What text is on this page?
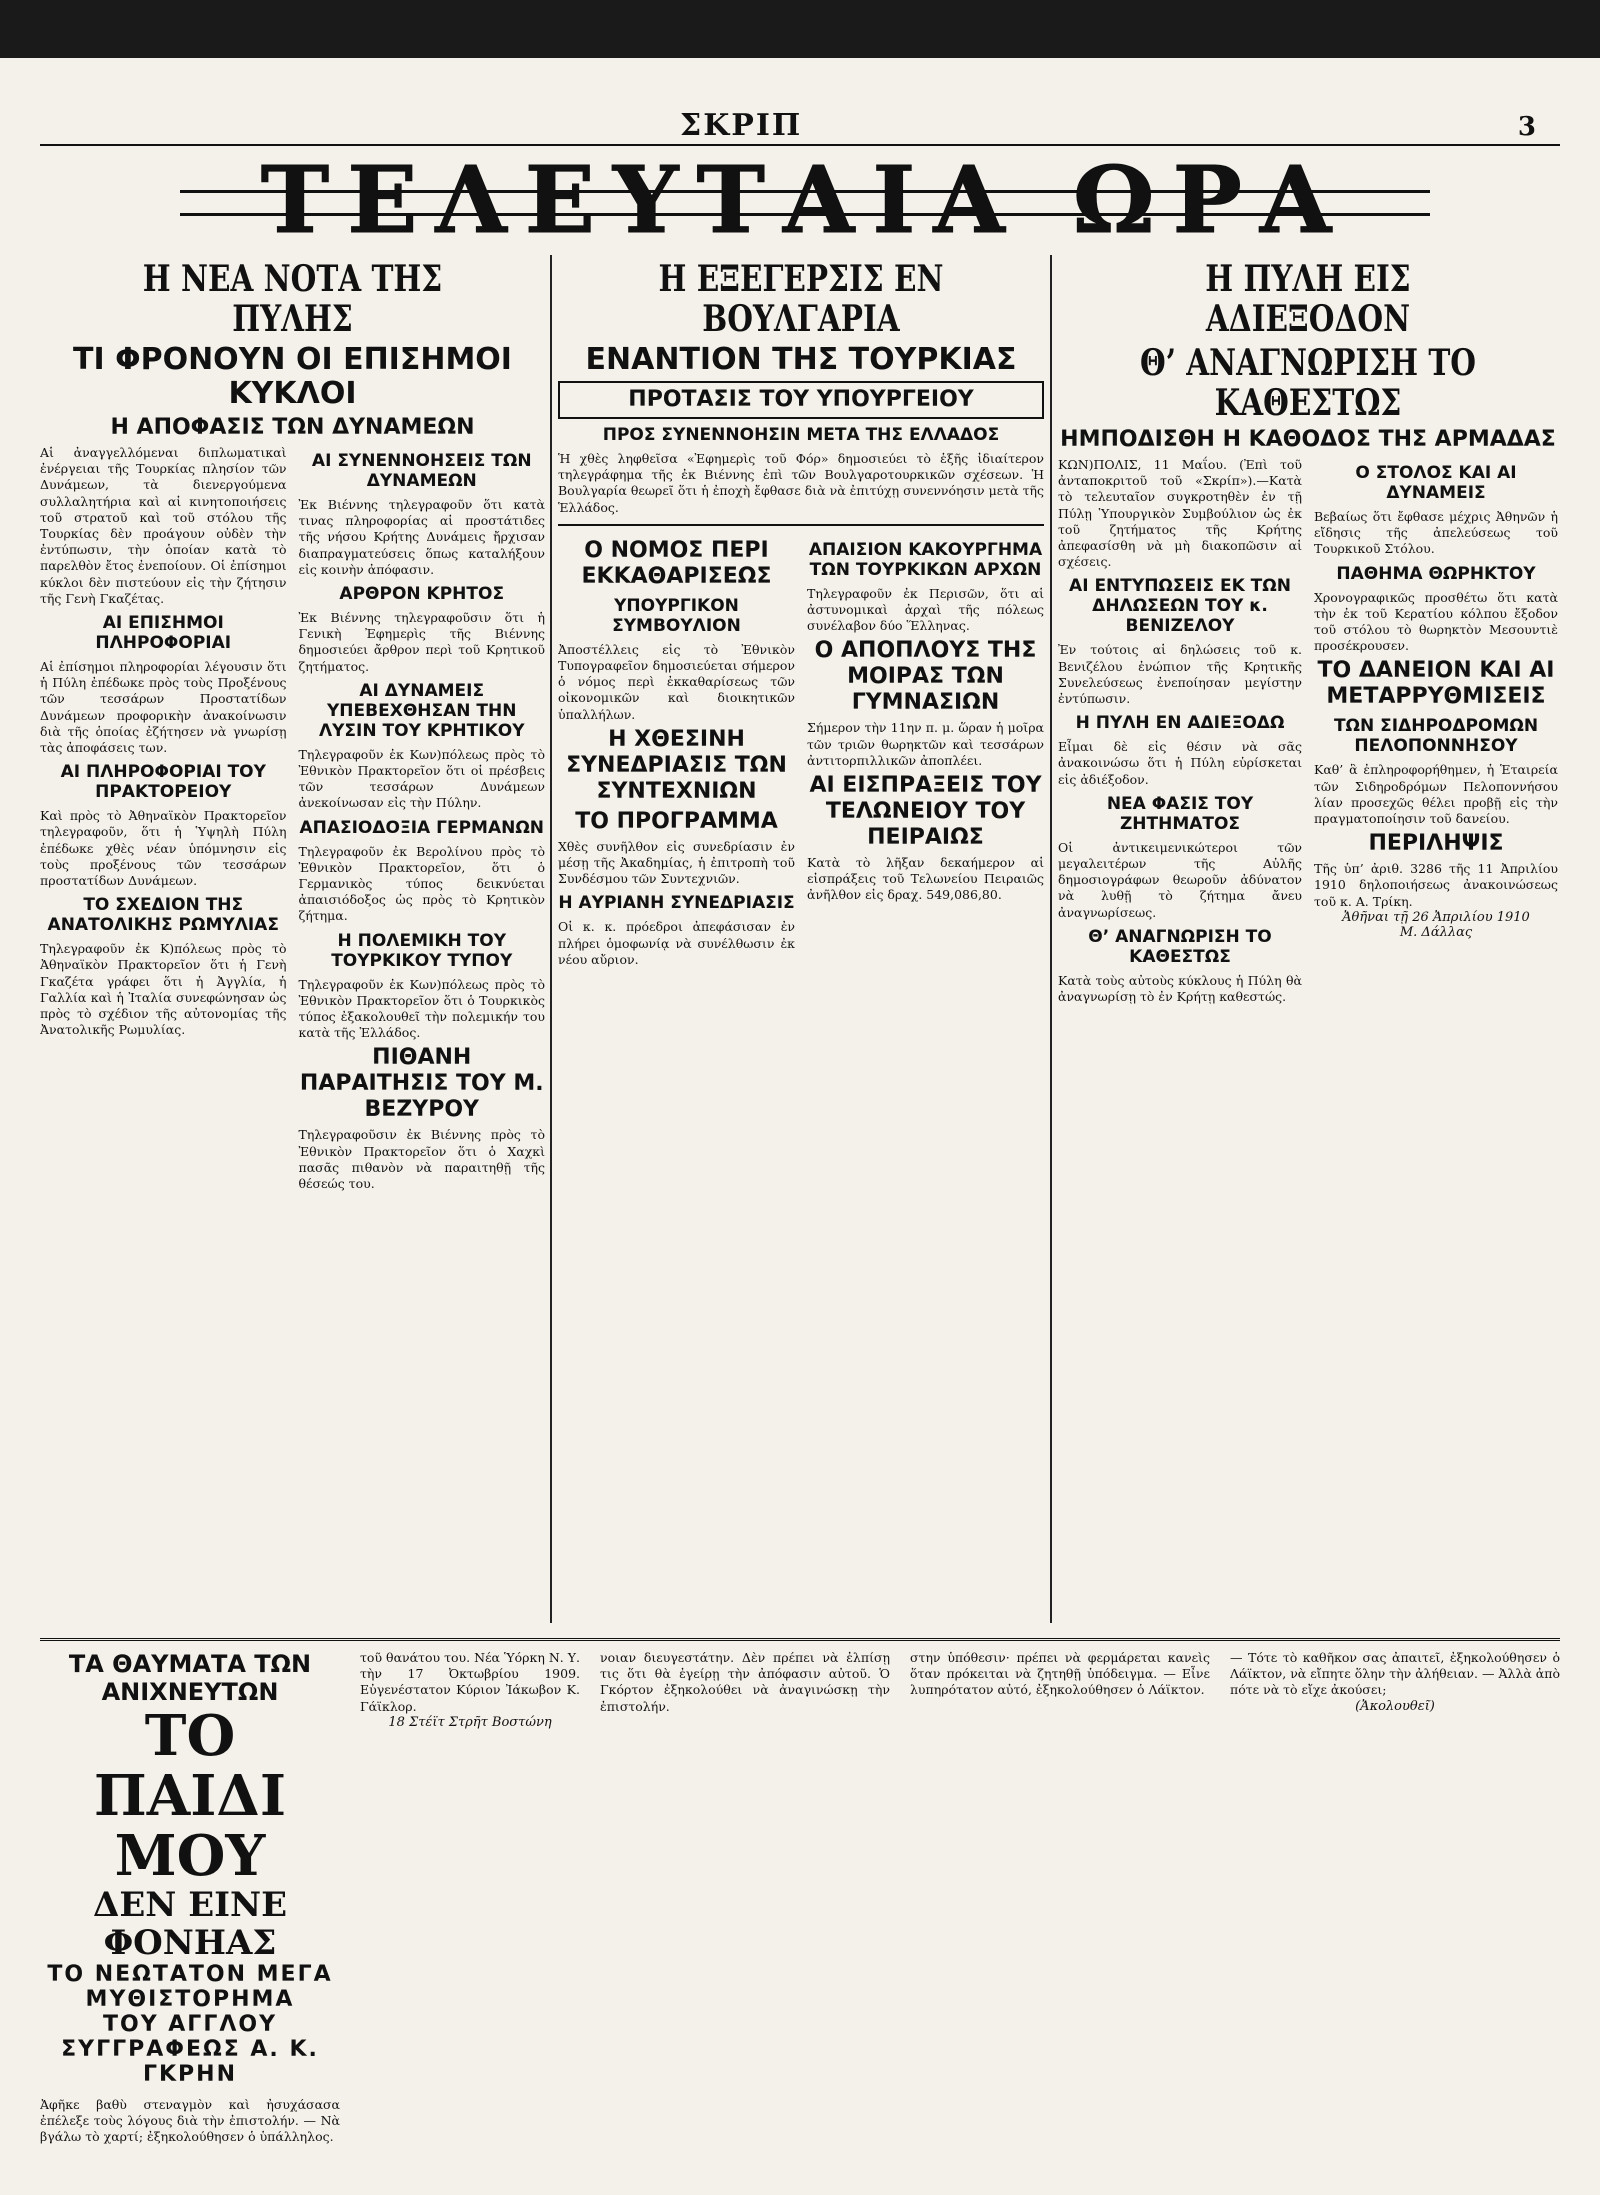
ΣΚΡΙΠ	3
ΤΕΛΕΥΤΑΙΑ ΩΡΑ
Η ΝΕΑ ΝΟΤΑ ΤΗΣ ΠΥΛΗΣ
ΤΙ ΦΡΟΝΟΥΝ ΟΙ ΕΠΙΣΗΜΟΙ ΚΥΚΛΟΙ
Η ΑΠΟΦΑΣΙΣ ΤΩΝ ΔΥΝΑΜΕΩΝ

Αἱ ἀναγγελλόμεναι διπλωματικαὶ ἐνέργειαι τῆς Τουρκίας πλησίον τῶν Δυνάμεων, τὰ διενεργούμενα συλλαλητήρια καὶ αἱ κινητοποιήσεις τοῦ στρατοῦ καὶ τοῦ στόλου τῆς Τουρκίας δὲν προάγουν οὐδὲν τὴν ἐντύπωσιν, τὴν ὁποίαν κατὰ τὸ παρελθὸν ἔτος ἐνεποίουν. Οἱ ἐπίσημοι κύκλοι δὲν πιστεύουν εἰς τὴν ζήτησιν τῆς Γενὴ Γκαζέτας.

ΑΙ ΕΠΙΣΗΜΟΙ ΠΛΗΡΟΦΟΡΙΑΙ

Αἱ ἐπίσημοι πληροφορίαι λέγουσιν ὅτι ἡ Πύλη ἐπέδωκε πρὸς τοὺς Προξένους τῶν τεσσάρων Προστατίδων Δυνάμεων προφορικὴν ἀνακοίνωσιν διὰ τῆς ὁποίας ἐζήτησεν νὰ γνωρίσῃ τὰς ἀποφάσεις των.

ΑΙ ΠΛΗΡΟΦΟΡΙΑΙ ΤΟΥ ΠΡΑΚΤΟΡΕΙΟΥ

Καὶ πρὸς τὸ Ἀθηναϊκὸν Πρακτορεῖον τηλεγραφοῦν, ὅτι ἡ Ὑψηλὴ Πύλη ἐπέδωκε χθὲς νέαν ὑπόμνησιν εἰς τοὺς προξένους τῶν τεσσάρων προστατίδων Δυνάμεων.

ΤΟ ΣΧΕΔΙΟΝ ΤΗΣ ΑΝΑΤΟΛΙΚΗΣ ΡΩΜΥΛΙΑΣ

Τηλεγραφοῦν ἐκ Κ)πόλεως πρὸς τὸ Ἀθηναϊκὸν Πρακτορεῖον ὅτι ἡ Γενὴ Γκαζέτα γράφει ὅτι ἡ Ἀγγλία, ἡ Γαλλία καὶ ἡ Ἰταλία συνεφώνησαν ὡς πρὸς τὸ σχέδιον τῆς αὐτονομίας τῆς Ἀνατολικῆς Ρωμυλίας.

ΑΙ ΣΥΝΕΝΝΟΗΣΕΙΣ ΤΩΝ ΔΥΝΑΜΕΩΝ

Ἐκ Βιέννης τηλεγραφοῦν ὅτι κατὰ τινας πληροφορίας αἱ προστάτιδες τῆς νήσου Κρήτης Δυνάμεις ἤρχισαν διαπραγματεύσεις ὅπως καταλήξουν εἰς κοινὴν ἀπόφασιν.

ΑΡΘΡΟΝ ΚΡΗΤΟΣ

Ἐκ Βιέννης τηλεγραφοῦσιν ὅτι ἡ Γενικὴ Ἐφημερὶς τῆς Βιέννης δημοσιεύει ἄρθρον περὶ τοῦ Κρητικοῦ ζητήματος.

ΑΙ ΔΥΝΑΜΕΙΣ ΥΠΕΒΕΧΘΗΣΑΝ ΤΗΝ ΛΥΣΙΝ ΤΟΥ ΚΡΗΤΙΚΟΥ

Τηλεγραφοῦν ἐκ Κων)πόλεως πρὸς τὸ Ἐθνικὸν Πρακτορεῖον ὅτι οἱ πρέσβεις τῶν τεσσάρων Δυνάμεων ἀνεκοίνωσαν εἰς τὴν Πύλην.

ΑΠΑΣΙΟΔΟΞΙΑ ΓΕΡΜΑΝΩΝ

Τηλεγραφοῦν ἐκ Βερολίνου πρὸς τὸ Ἐθνικὸν Πρακτορεῖον, ὅτι ὁ Γερμανικὸς τύπος δεικνύεται ἀπαισιόδοξος ὡς πρὸς τὸ Κρητικὸν ζήτημα.

Η ΠΟΛΕΜΙΚΗ ΤΟΥ ΤΟΥΡΚΙΚΟΥ ΤΥΠΟΥ

Τηλεγραφοῦν ἐκ Κων)πόλεως πρὸς τὸ Ἐθνικὸν Πρακτορεῖον ὅτι ὁ Τουρκικὸς τύπος ἐξακολουθεῖ τὴν πολεμικήν του κατὰ τῆς Ἑλλάδος.

ΠΙΘΑΝΗ ΠΑΡΑΙΤΗΣΙΣ ΤΟΥ Μ. ΒΕΖΥΡΟΥ

Τηλεγραφοῦσιν ἐκ Βιέννης πρὸς τὸ Ἐθνικὸν Πρακτορεῖον ὅτι ὁ Χαχκὶ πασᾶς πιθανὸν νὰ παραιτηθῇ τῆς θέσεώς του.

Η ΕΞΕΓΕΡΣΙΣ ΕΝ ΒΟΥΛΓΑΡΙΑ
ΕΝΑΝΤΙΟΝ ΤΗΣ ΤΟΥΡΚΙΑΣ
ΠΡΟΤΑΣΙΣ ΤΟΥ ΥΠΟΥΡΓΕΙΟΥ
ΠΡΟΣ ΣΥΝΕΝΝΟΗΣΙΝ ΜΕΤΑ ΤΗΣ ΕΛΛΑΔΟΣ

Ἡ χθὲς ληφθεῖσα «Ἐφημερὶς τοῦ Φόρ» δημοσιεύει τὸ ἑξῆς ἰδιαίτερον τηλεγράφημα τῆς ἐκ Βιέννης ἐπὶ τῶν Βουλγαροτουρκικῶν σχέσεων. Ἡ Βουλγαρία θεωρεῖ ὅτι ἡ ἐποχὴ ἔφθασε διὰ νὰ ἐπιτύχῃ συνεννόησιν μετὰ τῆς Ἑλλάδος.

Ο ΝΟΜΟΣ ΠΕΡΙ ΕΚΚΑΘΑΡΙΣΕΩΣ
ΥΠΟΥΡΓΙΚΟΝ ΣΥΜΒΟΥΛΙΟΝ

Ἀποστέλλεις εἰς τὸ Ἐθνικὸν Τυπογραφεῖον δημοσιεύεται σήμερον ὁ νόμος περὶ ἐκκαθαρίσεως τῶν οἰκονομικῶν καὶ διοικητικῶν ὑπαλλήλων.

Η ΧΘΕΣΙΝΗ ΣΥΝΕΔΡΙΑΣΙΣ ΤΩΝ ΣΥΝΤΕΧΝΙΩΝ
ΤΟ ΠΡΟΓΡΑΜΜΑ

Χθὲς συνῆλθον εἰς συνεδρίασιν ἐν μέσῃ τῆς Ἀκαδημίας, ἡ ἐπιτροπὴ τοῦ Συνδέσμου τῶν Συντεχνιῶν.

Η ΑΥΡΙΑΝΗ ΣΥΝΕΔΡΙΑΣΙΣ

Οἱ κ. κ. πρόεδροι ἀπεφάσισαν ἐν πλήρει ὁμοφωνίᾳ νὰ συνέλθωσιν ἐκ νέου αὔριον.

ΑΠΑΙΣΙΟΝ ΚΑΚΟΥΡΓΗΜΑ ΤΩΝ ΤΟΥΡΚΙΚΩΝ ΑΡΧΩΝ

Τηλεγραφοῦν ἐκ Περισῶν, ὅτι αἱ ἀστυνομικαὶ ἀρχαὶ τῆς πόλεως συνέλαβον δύο Ἕλληνας.

Ο ΑΠΟΠΛΟΥΣ ΤΗΣ ΜΟΙΡΑΣ ΤΩΝ ΓΥΜΝΑΣΙΩΝ

Σήμερον τὴν 11ην π. μ. ὥραν ἡ μοῖρα τῶν τριῶν θωρηκτῶν καὶ τεσσάρων ἀντιτορπιλλικῶν ἀποπλέει.

ΑΙ ΕΙΣΠΡΑΞΕΙΣ ΤΟΥ ΤΕΛΩΝΕΙΟΥ ΤΟΥ ΠΕΙΡΑΙΩΣ

Κατὰ τὸ λῆξαν δεκαήμερον αἱ εἰσπράξεις τοῦ Τελωνείου Πειραιῶς ἀνῆλθον εἰς δραχ. 549,086,80.

Η ΠΥΛΗ ΕΙΣ ΑΔΙΕΞΟΔΟΝ
Θ’ ΑΝΑΓΝΩΡΙΣΗ ΤΟ ΚΑΘΕΣΤΩΣ
ΗΜΠΟΔΙΣΘΗ Η ΚΑΘΟΔΟΣ ΤΗΣ ΑΡΜΑΔΑΣ

ΚΩΝ)ΠΟΛΙΣ, 11 Μαΐου. (Ἐπὶ τοῦ ἀνταποκριτοῦ τοῦ «Σκρίπ»).—Κατὰ τὸ τελευταῖον συγκροτηθὲν ἐν τῇ Πύλῃ Ὑπουργικὸν Συμβούλιον ὡς ἐκ τοῦ ζητήματος τῆς Κρήτης ἀπεφασίσθη νὰ μὴ διακοπῶσιν αἱ σχέσεις.

ΑΙ ΕΝΤΥΠΩΣΕΙΣ ΕΚ ΤΩΝ ΔΗΛΩΣΕΩΝ ΤΟΥ κ. ΒΕΝΙΖΕΛΟΥ

Ἐν τούτοις αἱ δηλώσεις τοῦ κ. Βενιζέλου ἐνώπιον τῆς Κρητικῆς Συνελεύσεως ἐνεποίησαν μεγίστην ἐντύπωσιν.

Η ΠΥΛΗ ΕΝ ΑΔΙΕΞΟΔΩ

Εἶμαι δὲ εἰς θέσιν νὰ σᾶς ἀνακοινώσω ὅτι ἡ Πύλη εὑρίσκεται εἰς ἀδιέξοδον.

ΝΕΑ ΦΑΣΙΣ ΤΟΥ ΖΗΤΗΜΑΤΟΣ

Οἱ ἀντικειμενικώτεροι τῶν μεγαλειτέρων τῆς Αὐλῆς δημοσιογράφων θεωροῦν ἀδύνατον νὰ λυθῇ τὸ ζήτημα ἄνευ ἀναγνωρίσεως.

Θ’ ΑΝΑΓΝΩΡΙΣΗ ΤΟ ΚΑΘΕΣΤΩΣ

Κατὰ τοὺς αὐτοὺς κύκλους ἡ Πύλη θὰ ἀναγνωρίσῃ τὸ ἐν Κρήτῃ καθεστώς.

Ο ΣΤΟΛΟΣ ΚΑΙ ΑΙ ΔΥΝΑΜΕΙΣ

Βεβαίως ὅτι ἔφθασε μέχρις Ἀθηνῶν ἡ εἴδησις τῆς ἀπελεύσεως τοῦ Τουρκικοῦ Στόλου.

ΠΑΘΗΜΑ ΘΩΡΗΚΤΟΥ

Χρονογραφικῶς προσθέτω ὅτι κατὰ τὴν ἐκ τοῦ Κερατίου κόλπου ἔξοδον τοῦ στόλου τὸ θωρηκτὸν Μεσουντιὲ προσέκρουσεν.

ΤΟ ΔΑΝΕΙΟΝ ΚΑΙ ΑΙ ΜΕΤΑΡΡΥΘΜΙΣΕΙΣ
ΤΩΝ ΣΙΔΗΡΟΔΡΟΜΩΝ ΠΕΛΟΠΟΝΝΗΣΟΥ

Καθ’ ἃ ἐπληροφορήθημεν, ἡ Ἑταιρεία τῶν Σιδηροδρόμων Πελοποννήσου λίαν προσεχῶς θέλει προβῇ εἰς τὴν πραγματοποίησιν τοῦ δανείου.

ΠΕΡΙΛΗΨΙΣ

Τῆς ὑπ’ ἀριθ. 3286 τῆς 11 Ἀπριλίου 1910 δηλοποιήσεως ἀνακοινώσεως τοῦ κ. Α. Τρίκη.

Ἀθῆναι τῇ 26 Ἀπριλίου 1910
Μ. Δάλλας
ΤΑ ΘΑΥΜΑΤΑ ΤΩΝ ΑΝΙΧΝΕΥΤΩΝ
ΤΟ ΠΑΙΔΙ ΜΟΥ
ΔΕΝ ΕΙΝΕ ΦΟΝΗΑΣ
ΤΟ ΝΕΩΤΑΤΟΝ ΜΕΓΑ ΜΥΘΙΣΤΟΡΗΜΑ
ΤΟΥ ΑΓΓΛΟΥ ΣΥΓΓΡΑΦΕΩΣ Α. Κ. ΓΚΡΗΝ

Ἀφῆκε βαθὺ στεναγμὸν καὶ ἠσυχάσασα ἐπέλεξε τοὺς λόγους διὰ τὴν ἐπιστολήν. — Νὰ βγάλω τὸ χαρτί; ἐξηκολούθησεν ὁ ὑπάλληλος.

τοῦ θανάτου του. Νέα Ὑόρκη Ν. Υ. τὴν 17 Ὀκτωβρίου 1909. Εὐγενέστατον Κύριον Ἰάκωβον Κ. Γάϊκλορ.

18 Στέϊτ Στρῆτ Βοστώνη

νοιαν διευγεστάτην. Δὲν πρέπει νὰ ἐλπίσῃ τις ὅτι θὰ ἐγείρῃ τὴν ἀπόφασιν αὐτοῦ. Ὁ Γκόρτον ἐξηκολούθει νὰ ἀναγινώσκῃ τὴν ἐπιστολήν.

στην ὑπόθεσιν· πρέπει νὰ φερμάρεται κανεὶς ὅταν πρόκειται νὰ ζητηθῇ ὑπόδειγμα. — Εἶνε λυπηρότατον αὐτό, ἐξηκολούθησεν ὁ Λάϊκτον.

— Τότε τὸ καθῆκον σας ἀπαιτεῖ, ἐξηκολούθησεν ὁ Λάϊκτον, νὰ εἴπητε ὅλην τὴν ἀλήθειαν. — Ἀλλὰ ἀπὸ πότε νὰ τὸ εἴχε ἀκούσει;

(Ἀκολουθεῖ)
